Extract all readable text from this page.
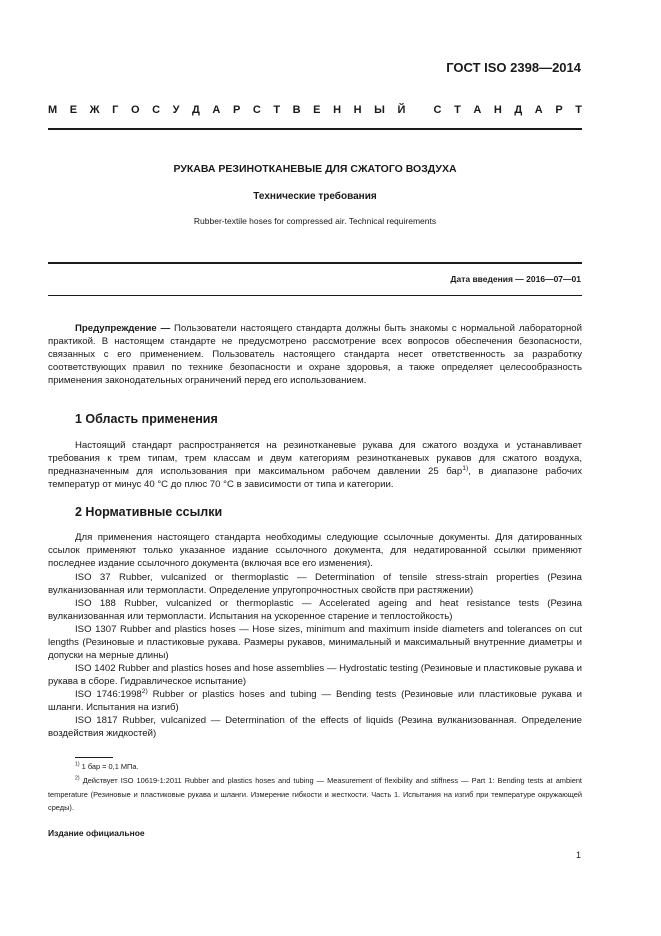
ГОСТ ISO 2398—2014

М Е Ж Г О С У Д А Р С Т В Е Н Н Ы Й
	С Т А Н Д А Р Т

РУКАВА РЕЗИНОТКАНЕВЫЕ ДЛЯ СЖАТОГО ВОЗДУХА

Технические требования

Rubber-textile hoses for compressed air. Technical requirements

Дата введения — 2016—07—01

Предупреждение — Пользователи настоящего стандарта должны быть знакомы с нормальной лабораторной практикой. В настоящем стандарте не предусмотрено рассмотрение всех вопросов обеспечения безопасности, связанных с его применением. Пользователь настоящего стандарта несет ответственность за разработку соответствующих правил по технике безопасности и охране здоровья, а также определяет целесообразность применения законодательных ограничений перед его использованием.

1 Область применения

Настоящий стандарт распространяется на резинотканевые рукава для сжатого воздуха и устанавливает требования к трем типам, трем классам и двум категориям резинотканевых рукавов для сжатого воздуха, предназначенным для использования при максимальном рабочем давлении 25 бар$^{1)}$, в диапазоне рабочих температур от минус 40 °С до плюс 70 °С в зависимости от типа и категории.

2 Нормативные ссылки

Для применения настоящего стандарта необходимы следующие ссылочные документы. Для датированных ссылок применяют только указанное издание ссылочного документа, для недатированной ссылки применяют последнее издание ссылочного документа (включая все его изменения).

ISO 37 Rubber, vulcanized or thermoplastic — Determination of tensile stress-strain properties (Резина вулканизованная или термопласти. Определение упругопрочностных свойств при растяжении)

ISO 188 Rubber, vulcanized or thermoplastic — Accelerated ageing and heat resistance tests (Резина вулканизованная или термопласти. Испытания на ускоренное старение и теплостойкость)

ISO 1307 Rubber and plastics hoses — Hose sizes, minimum and maximum inside diameters and tolerances on cut lengths (Резиновые и пластиковые рукава. Размеры рукавов, минимальный и максимальный внутренние диаметры и допуски на мерные длины)

ISO 1402 Rubber and plastics hoses and hose assemblies — Hydrostatic testing (Резиновые и пластиковые рукава и рукава в сборе. Гидравлическое испытание)

ISO 1746:1998$^{2)}$ Rubber or plastics hoses and tubing — Bending tests (Резиновые или пластиковые рукава и шланги. Испытания на изгиб)

ISO 1817 Rubber, vulcanized — Determination of the effects of liquids (Резина вулканизованная. Определение воздействия жидкостей)

$^{1)}$ 1 бар = 0,1 МПа.

$^{2)}$ Действует ISO 10619-1:2011 Rubber and plastics hoses and tubing — Measurement of flexibility and stiffness — Part 1: Bending tests at ambient temperature (Резиновые и пластиковые рукава и шланги. Измерение гибкости и жесткости. Часть 1. Испытания на изгиб при температуре окружающей среды).

Издание официальное

1
